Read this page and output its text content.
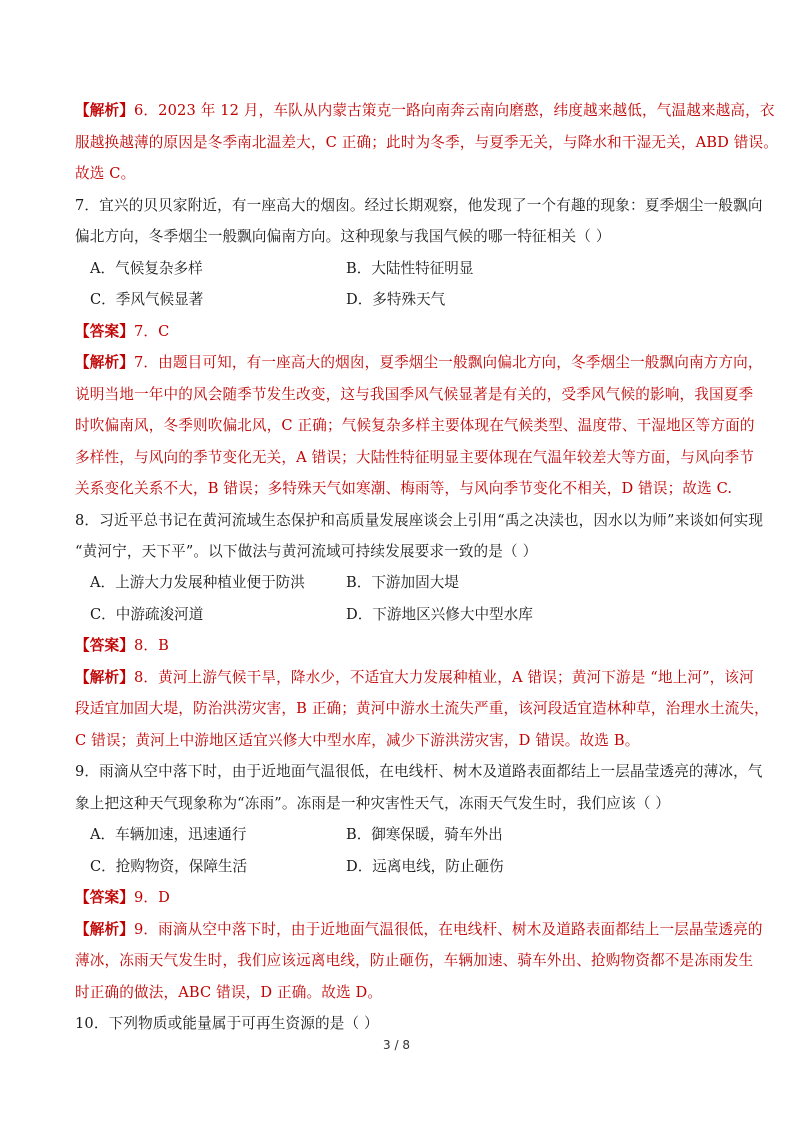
【解析】6．2023 年 12 月，车队从内蒙古策克一路向南奔云南向磨憨，纬度越来越低，气温越来越高，衣
服越换越薄的原因是冬季南北温差大，C 正确；此时为冬季，与夏季无关，与降水和干湿无关，ABD 错误。
故选 C。
7．宜兴的贝贝家附近，有一座高大的烟囱。经过长期观察，他发现了一个有趣的现象：夏季烟尘一般飘向
偏北方向，冬季烟尘一般飘向偏南方向。这种现象与我国气候的哪一特征相关（ ）
A．气候复杂多样	B．大陆性特征明显
C．季风气候显著	D．多特殊天气
【答案】7．C
【解析】7．由题目可知，有一座高大的烟囱，夏季烟尘一般飘向偏北方向，冬季烟尘一般飘向南方方向，
说明当地一年中的风会随季节发生改变，这与我国季风气候显著是有关的，受季风气候的影响，我国夏季
时吹偏南风，冬季则吹偏北风，C 正确；气候复杂多样主要体现在气候类型、温度带、干湿地区等方面的
多样性，与风向的季节变化无关，A 错误；大陆性特征明显主要体现在气温年较差大等方面，与风向季节
关系变化关系不大，B 错误；多特殊天气如寒潮、梅雨等，与风向季节变化不相关，D 错误；故选 C.
8．习近平总书记在黄河流域生态保护和高质量发展座谈会上引用“禹之决渎也，因水以为师”来谈如何实现
“黄河宁，天下平”。以下做法与黄河流域可持续发展要求一致的是（ ）
A．上游大力发展种植业便于防洪	B．下游加固大堤
C．中游疏浚河道	D．下游地区兴修大中型水库
【答案】8．B
【解析】8．黄河上游气候干旱，降水少，不适宜大力发展种植业，A 错误；黄河下游是 “地上河”，该河
段适宜加固大堤，防治洪涝灾害，B 正确；黄河中游水土流失严重，该河段适宜造林种草，治理水土流失，
C 错误；黄河上中游地区适宜兴修大中型水库，减少下游洪涝灾害，D 错误。故选 B。
9．雨滴从空中落下时，由于近地面气温很低，在电线杆、树木及道路表面都结上一层晶莹透亮的薄冰，气
象上把这种天气现象称为“冻雨”。冻雨是一种灾害性天气，冻雨天气发生时，我们应该（ ）
A．车辆加速，迅速通行	B．御寒保暖，骑车外出
C．抢购物资，保障生活	D．远离电线，防止砸伤
【答案】9．D
【解析】9．雨滴从空中落下时，由于近地面气温很低，在电线杆、树木及道路表面都结上一层晶莹透亮的
薄冰，冻雨天气发生时，我们应该远离电线，防止砸伤，车辆加速、骑车外出、抢购物资都不是冻雨发生
时正确的做法，ABC 错误，D 正确。故选 D。
10．下列物质或能量属于可再生资源的是（ ）
3 / 8
